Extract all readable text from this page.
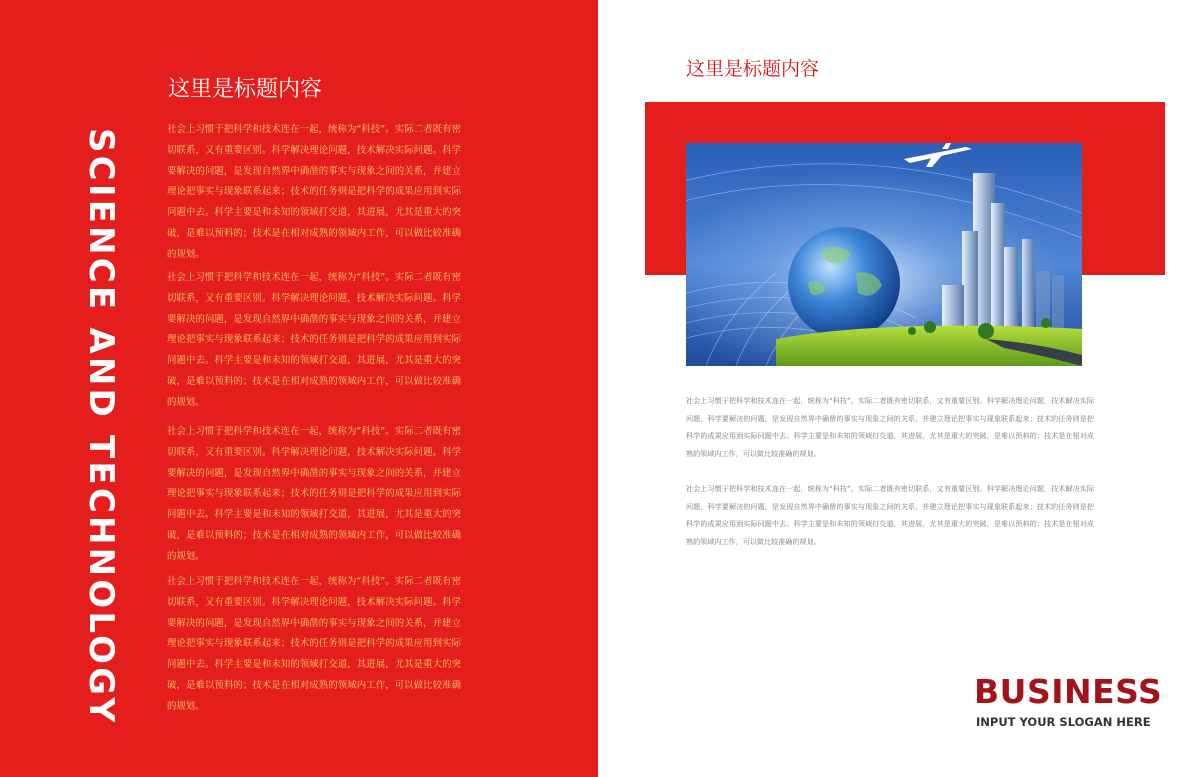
SCIENCE AND TECHNOLOGY
这里是标题内容
社会上习惯于把科学和技术连在一起，统称为“科技”。实际二者既有密切联系，又有重要区别。科学解决理论问题，技术解决实际问题。科学要解决的问题，是发现自然界中确凿的事实与现象之间的关系，并建立理论把事实与现象联系起来；技术的任务则是把科学的成果应用到实际问题中去。科学主要是和未知的领域打交道，其进展，尤其是重大的突破，是难以预料的；技术是在相对成熟的领域内工作，可以做比较准确的规划。
社会上习惯于把科学和技术连在一起，统称为“科技”。实际二者既有密切联系，又有重要区别。科学解决理论问题，技术解决实际问题。科学要解决的问题，是发现自然界中确凿的事实与现象之间的关系，并建立理论把事实与现象联系起来；技术的任务则是把科学的成果应用到实际问题中去。科学主要是和未知的领域打交道，其进展，尤其是重大的突破，是难以预料的；技术是在相对成熟的领域内工作，可以做比较准确的规划。
社会上习惯于把科学和技术连在一起，统称为“科技”。实际二者既有密切联系，又有重要区别。科学解决理论问题，技术解决实际问题。科学要解决的问题，是发现自然界中确凿的事实与现象之间的关系，并建立理论把事实与现象联系起来；技术的任务则是把科学的成果应用到实际问题中去。科学主要是和未知的领域打交道，其进展，尤其是重大的突破，是难以预料的；技术是在相对成熟的领域内工作，可以做比较准确的规划。
社会上习惯于把科学和技术连在一起，统称为“科技”。实际二者既有密切联系，又有重要区别。科学解决理论问题，技术解决实际问题。科学要解决的问题，是发现自然界中确凿的事实与现象之间的关系，并建立理论把事实与现象联系起来；技术的任务则是把科学的成果应用到实际问题中去。科学主要是和未知的领域打交道，其进展，尤其是重大的突破，是难以预料的；技术是在相对成熟的领域内工作，可以做比较准确的规划。
这里是标题内容
社会上习惯于把科学和技术连在一起，统称为“科技”。实际二者既有密切联系，又有重要区别。科学解决理论问题，技术解决实际问题。科学要解决的问题，是发现自然界中确凿的事实与现象之间的关系，并建立理论把事实与现象联系起来；技术的任务则是把科学的成果应用到实际问题中去。科学主要是和未知的领域打交道，其进展，尤其是重大的突破，是难以预料的；技术是在相对成熟的领域内工作，可以做比较准确的规划。
社会上习惯于把科学和技术连在一起，统称为“科技”。实际二者既有密切联系，又有重要区别。科学解决理论问题，技术解决实际问题。科学要解决的问题，是发现自然界中确凿的事实与现象之间的关系，并建立理论把事实与现象联系起来；技术的任务则是把科学的成果应用到实际问题中去。科学主要是和未知的领域打交道，其进展，尤其是重大的突破，是难以预料的；技术是在相对成熟的领域内工作，可以做比较准确的规划。
BUSINESS
INPUT YOUR SLOGAN HERE
